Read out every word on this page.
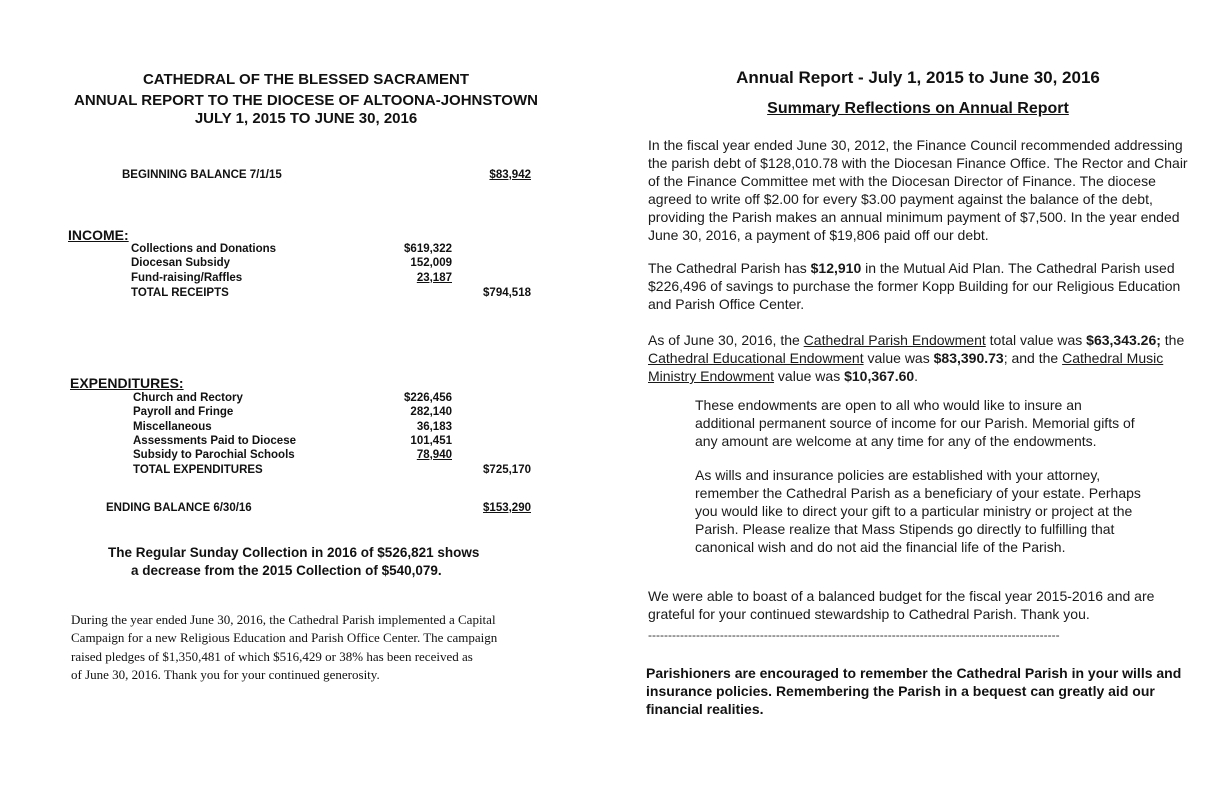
CATHEDRAL OF THE BLESSED SACRAMENT
ANNUAL REPORT TO THE DIOCESE OF ALTOONA-JOHNSTOWN
JULY 1, 2015 TO JUNE 30, 2016
BEGINNING BALANCE 7/1/15	$83,942
INCOME:
Collections and Donations	$619,322
Diocesan Subsidy	152,009
Fund-raising/Raffles	23,187
TOTAL RECEIPTS	$794,518
EXPENDITURES:
Church and Rectory	$226,456
Payroll and Fringe	282,140
Miscellaneous	36,183
Assessments Paid to Diocese	101,451
Subsidy to Parochial Schools	78,940
TOTAL EXPENDITURES	$725,170
ENDING BALANCE 6/30/16	$153,290
The Regular Sunday Collection in 2016 of $526,821 shows
a decrease from the 2015 Collection of $540,079.
During the year ended June 30, 2016, the Cathedral Parish implemented a Capital
Campaign for a new Religious Education and Parish Office Center. The campaign
raised pledges of $1,350,481 of which $516,429 or 38% has been received as
of June 30, 2016. Thank you for your continued generosity.
Annual Report - July 1, 2015 to June 30, 2016
Summary Reflections on Annual Report
In the fiscal year ended June 30, 2012, the Finance Council recommended addressing the parish debt of $128,010.78 with the Diocesan Finance Office. The Rector and Chair of the Finance Committee met with the Diocesan Director of Finance. The diocese agreed to write off $2.00 for every $3.00 payment against the balance of the debt, providing the Parish makes an annual minimum payment of $7,500. In the year ended June 30, 2016, a payment of $19,806 paid off our debt.
The Cathedral Parish has $12,910 in the Mutual Aid Plan. The Cathedral Parish used $226,496 of savings to purchase the former Kopp Building for our Religious Education and Parish Office Center.
As of June 30, 2016, the Cathedral Parish Endowment total value was $63,343.26; the Cathedral Educational Endowment value was $83,390.73; and the Cathedral Music Ministry Endowment value was $10,367.60.
These endowments are open to all who would like to insure an additional permanent source of income for our Parish. Memorial gifts of any amount are welcome at any time for any of the endowments.
As wills and insurance policies are established with your attorney, remember the Cathedral Parish as a beneficiary of your estate. Perhaps you would like to direct your gift to a particular ministry or project at the Parish. Please realize that Mass Stipends go directly to fulfilling that canonical wish and do not aid the financial life of the Parish.
We were able to boast of a balanced budget for the fiscal year 2015-2016 and are grateful for your continued stewardship to Cathedral Parish. Thank you.
-------------------------------------------------------------------------------------------------------
Parishioners are encouraged to remember the Cathedral Parish in your wills and insurance policies. Remembering the Parish in a bequest can greatly aid our financial realities.
